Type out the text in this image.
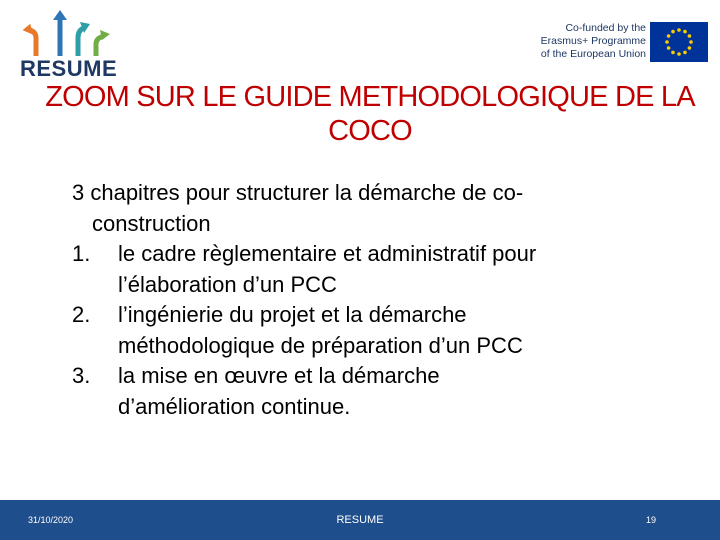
RESUME
Co-funded by the
Erasmus+ Programme
of the European Union
ZOOM SUR LE GUIDE METHODOLOGIQUE DE LA
COCO
3 chapitres pour structurer la démarche de co-
construction
1. le cadre règlementaire et administratif pour
l’élaboration d’un PCC
2. l’ingénierie du projet et la démarche
méthodologique de préparation d’un PCC
3. la mise en œuvre et la démarche
d’amélioration continue.
31/10/2020	RESUME	19
